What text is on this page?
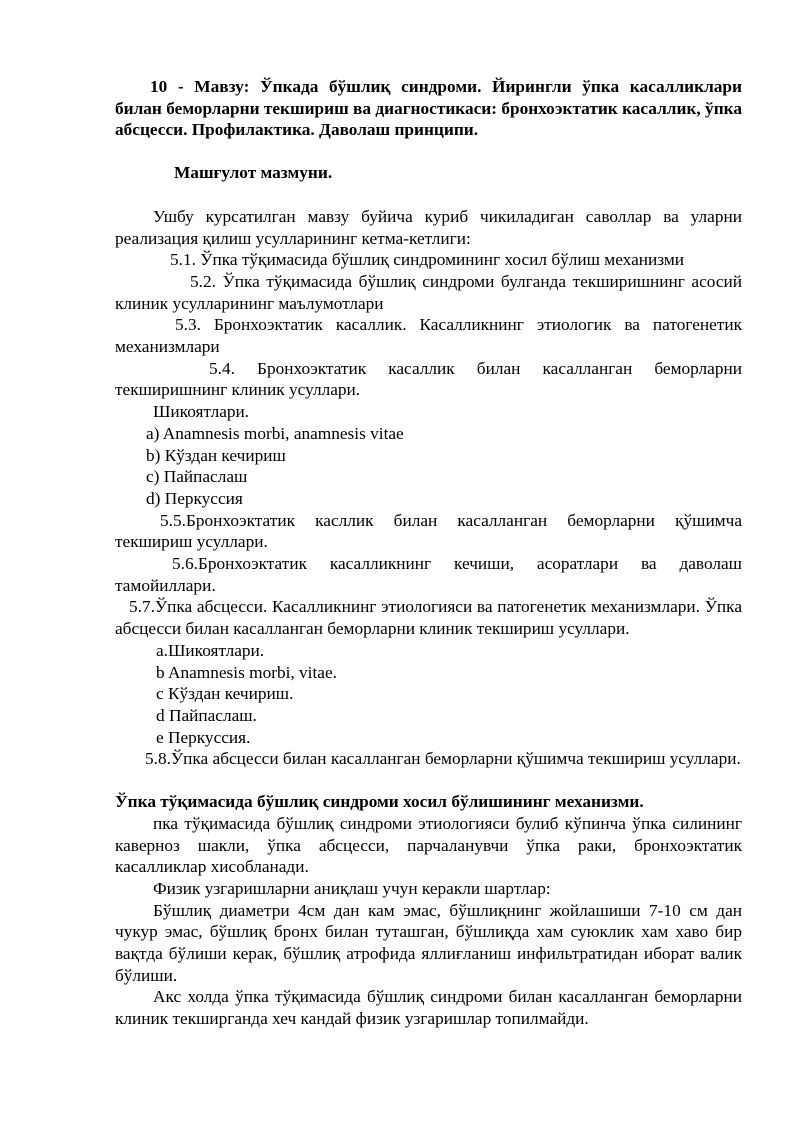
10 - Мавзу: Ўпкада бўшлиқ синдроми. Йирингли ўпка касалликлари билан беморларни текшириш ва диагностикаси: бронхоэктатик касаллик, ўпка абсцесси. Профилактика. Даволаш принципи.

Машғулот мазмуни.

Ушбу курсатилган мавзу буйича куриб чикиладиган саволлар ва уларни реализация қилиш усулларининг кетма-кетлиги:

5.1. Ўпка тўқимасида бўшлиқ синдромининг хосил бўлиш механизми

5.2. Ўпка тўқимасида бўшлиқ синдроми булганда текширишнинг асосий клиник усулларининг маълумотлари

5.3. Бронхоэктатик касаллик. Касалликнинг этиологик ва патогенетик механизмлари

5.4. Бронхоэктатик касаллик билан касалланган беморларни текширишнинг клиник усуллари.

Шикоятлари.

a) Anamnesis morbi, anamnesis vitae

b) Кўздан кечириш

c) Пайпаслаш

d) Перкуссия

5.5.Бронхоэктатик касллик билан касалланган беморларни қўшимча текшириш усуллари.

5.6.Бронхоэктатик касалликнинг кечиши, асоратлари ва даволаш тамойиллари.

5.7.Ўпка абсцесси. Касалликнинг этиологияси ва патогенетик механизмлари. Ўпка абсцесси билан касалланган беморларни клиник текшириш усуллари.

a.Шикоятлари.

b Anamnesis morbi, vitae.

c Кўздан кечириш.

d Пайпаслаш.

e Перкуссия.

5.8.Ўпка абсцесси билан касалланган беморларни қўшимча текшириш усуллари.

Ўпка тўқимасида бўшлиқ синдроми хосил бўлишининг механизми.

пка тўқимасида бўшлиқ синдроми этиологияси булиб кўпинча ўпка силининг каверноз шакли, ўпка абсцесси, парчаланувчи ўпка раки, бронхоэктатик касалликлар хисобланади.

Физик узгаришларни аниқлаш учун керакли шартлар:

Бўшлиқ диаметри 4см дан кам эмас, бўшлиқнинг жойлашиши 7-10 см дан чукур эмас, бўшлиқ бронх билан туташган, бўшлиқда хам суюклик хам хаво бир вақтда бўлиши керак, бўшлиқ атрофида яллиғланиш инфильтратидан иборат валик бўлиши.

Акс холда ўпка тўқимасида бўшлиқ синдроми билан касалланган беморларни клиник текширганда хеч кандай физик узгаришлар топилмайди.
